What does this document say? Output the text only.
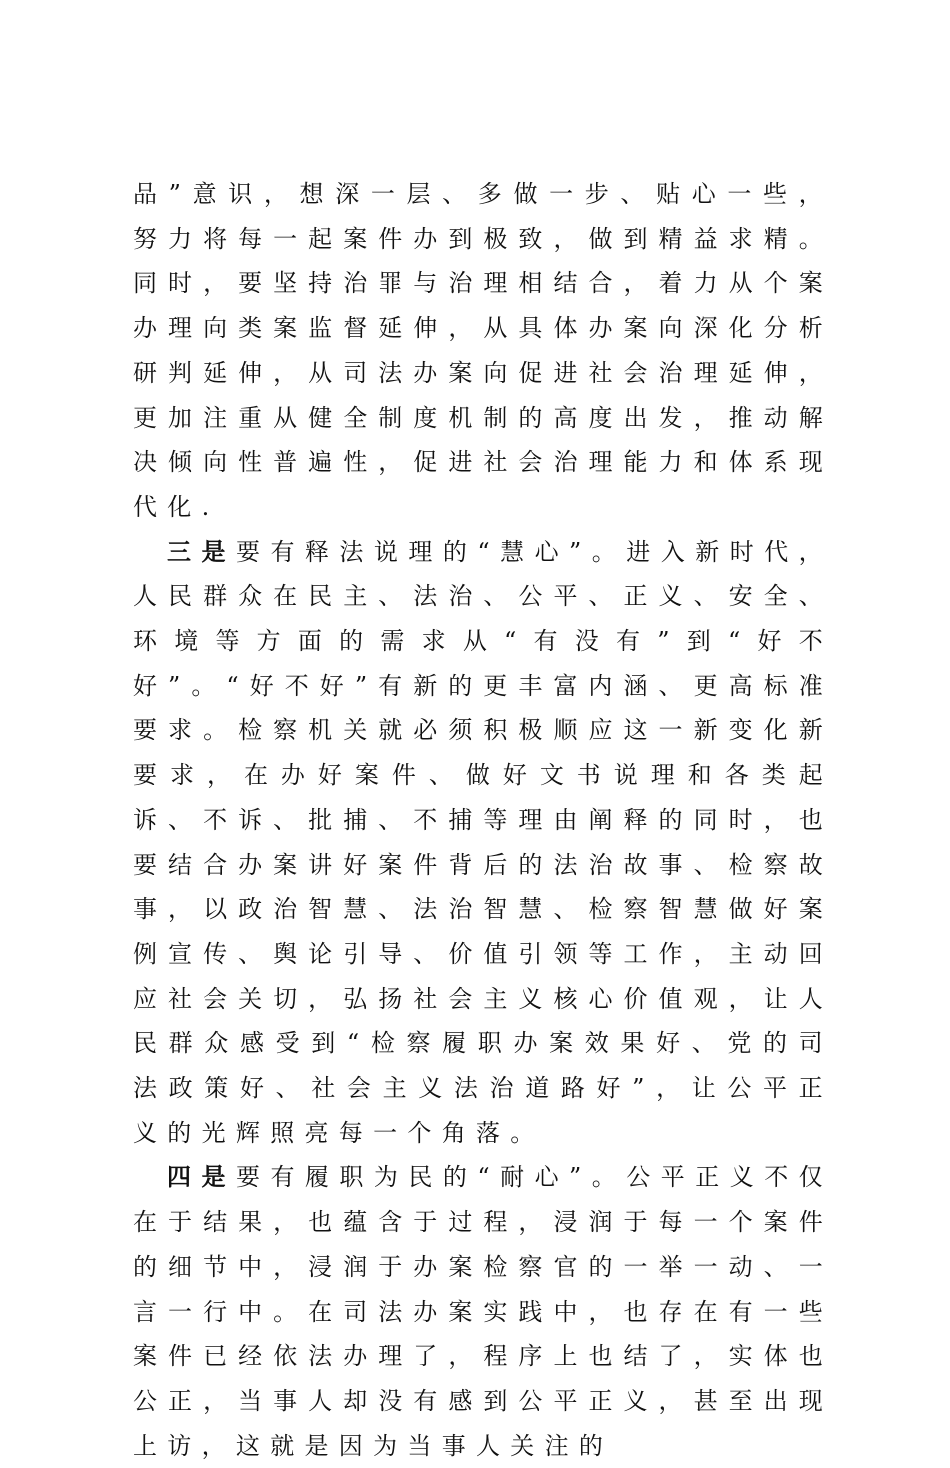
品”意识，想深一层、多做一步、贴心一些，努力将每一起案件办到极致，做到精益求精。同时，要坚持治罪与治理相结合，着力从个案办理向类案监督延伸，从具体办案向深化分析研判延伸，从司法办案向促进社会治理延伸，更加注重从健全制度机制的高度出发，推动解决倾向性普遍性，促进社会治理能力和体系现代化.

三是要有释法说理的“慧心”。进入新时代，人民群众在民主、法治、公平、正义、安全、环境等方面的需求从“有没有”到“好不好”。“好不好”有新的更丰富内涵、更高标准要求。检察机关就必须积极顺应这一新变化新要求，在办好案件、做好文书说理和各类起诉、不诉、批捕、不捕等理由阐释的同时，也要结合办案讲好案件背后的法治故事、检察故事，以政治智慧、法治智慧、检察智慧做好案例宣传、舆论引导、价值引领等工作，主动回应社会关切，弘扬社会主义核心价值观，让人民群众感受到“检察履职办案效果好、党的司法政策好、社会主义法治道路好”，让公平正义的光辉照亮每一个角落。

四是要有履职为民的“耐心”。公平正义不仅在于结果，也蕴含于过程，浸润于每一个案件的细节中，浸润于办案检察官的一举一动、一言一行中。在司法办案实践中，也存在有一些案件已经依法办理了，程序上也结了，实体也公正，当事人却没有感到公平正义，甚至出现上访，这就是因为当事人关注的
